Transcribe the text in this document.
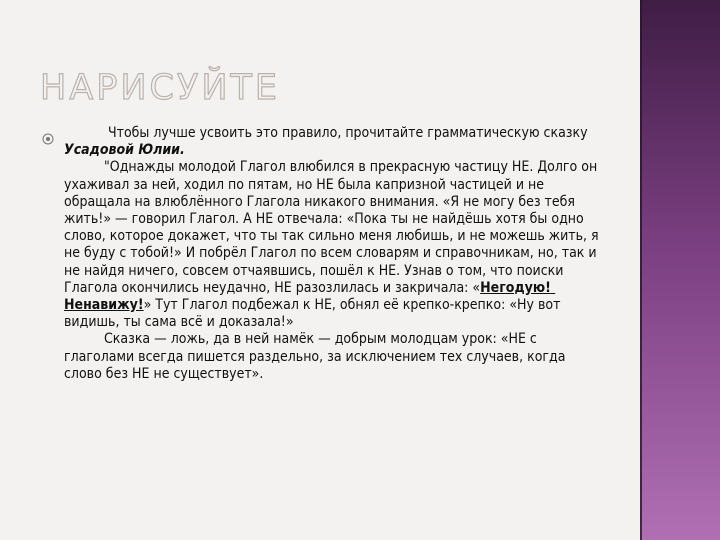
НАРИСУЙТЕ
	Чтобы лучше усвоить это правило, прочитайте грамматическую сказку Усадовой Юлии.
	"Однажды молодой Глагол влюбился в прекрасную частицу НЕ. Долго он ухаживал за ней, ходил по пятам, но НЕ была капризной частицей и не обращала на влюблённого Глагола никакого внимания. «Я не могу без тебя жить!» — говорил Глагол. А НЕ отвечала: «Пока ты не найдёшь хотя бы одно слово, которое докажет, что ты так сильно меня любишь, и не можешь жить, я не буду с тобой!» И побрёл Глагол по всем словарям и справочникам, но, так и не найдя ничего, совсем отчаявшись, пошёл к НЕ. Узнав о том, что поиски Глагола окончились неудачно, НЕ разозлилась и закричала: «Негодую! Ненавижу!» Тут Глагол подбежал к НЕ, обнял её крепко-крепко: «Ну вот видишь, ты сама всё и доказала!»
	Сказка — ложь, да в ней намёк — добрым молодцам урок: «НЕ с глаголами всегда пишется раздельно, за исключением тех случаев, когда слово без НЕ не существует».
